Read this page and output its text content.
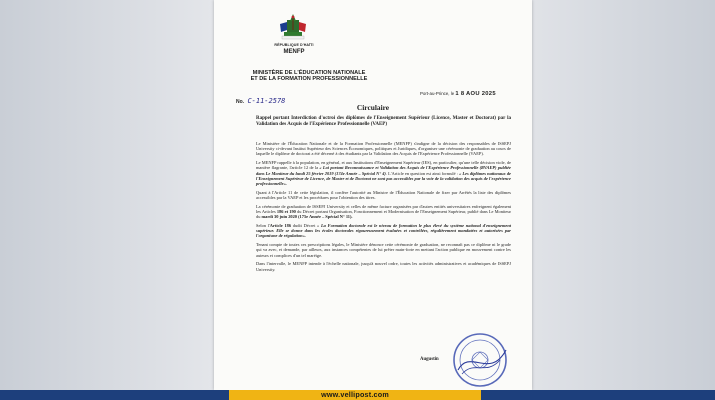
RÉPUBLIQUE D'HAÏTI
MENFP
MINISTÈRE DE L'ÉDUCATION NATIONALE
ET DE LA FORMATION PROFESSIONNELLE
No. C-11-2578
Port-au-Prince, le 1 8 AOU 2025
Circulaire
Rappel portant Interdiction d'octroi des diplômes de l'Enseignement Supérieur (Licence, Master et Doctorat) par la Validation des Acquis de l'Expérience Professionnelle (VAEP)

Le Ministère de l'Éducation Nationale et de la Formation Professionnelle (MENFP) s'indigne de la décision des responsables de ISSEPJ University ci-devant Institut Supérieur des Sciences Économiques, politiques et Juridiques, d'organiser une cérémonie de graduation au cours de laquelle le diplôme de doctorat a été décerné à des étudiants par la Validation des Acquis de l'Expérience Professionnelle (VAEP).

Le MENFP rappelle à la population, en général, et aux Institutions d'Enseignement Supérieur (IES), en particulier, qu'une telle décision viole, de manière flagrante, l'article 12 de la « Loi portant Reconnaissance et Validation des Acquis de l'Expérience Professionnelle (RVAEP) publiée dans Le Moniteur du lundi 25 février 2019 (174e Année – Spécial N° 4). L'Article en question est ainsi formulé : « Les diplômes nationaux de l'Enseignement Supérieur de Licence, de Master et de Doctorat ne sont pas accessibles par la voie de la validation des acquis de l'expérience professionnelle».

Quant à l'Article 11 de cette législation, il confère l'autorité au Ministre de l'Éducation Nationale de fixer par Arrêtés la liste des diplômes accessibles par la VAEP et les procédures pour l'obtention des titres.

La cérémonie de graduation de ISSEPJ University et celles de même facture organisées par d'autres entités universitaires enfreignent également les Articles 186 et 190 du Décret portant Organisation, Fonctionnement et Modernisation de l'Enseignement Supérieur, publié dans Le Moniteur du mardi 30 juin 2020 (175e Année – Spécial N° 11).

Selon l'Article 186 dudit Décret « La Formation doctorale est le niveau de formation le plus élevé du système national d'enseignement supérieur. Elle se donne dans les écoles doctorales rigoureusement évaluées et contrôlées, régulièrement mandatées et autorisées par l'organisme de régulation».

Tenant compte de toutes ces prescriptions légales, le Ministère dénonce cette cérémonie de graduation, ne reconnaît pas ce diplôme ni le grade qui va avec, et demande, par ailleurs, aux instances compétentes de lui prêter main-forte en mettant l'action publique en mouvement contre les auteurs et complices d'un tel maréige.

Dans l'intervalle, le MENFP intende à l'échelle nationale, jusqu'à nouvel ordre, toutes les activités administratives et académiques de ISSEPJ University.

Augustin
www.vellipost.com
